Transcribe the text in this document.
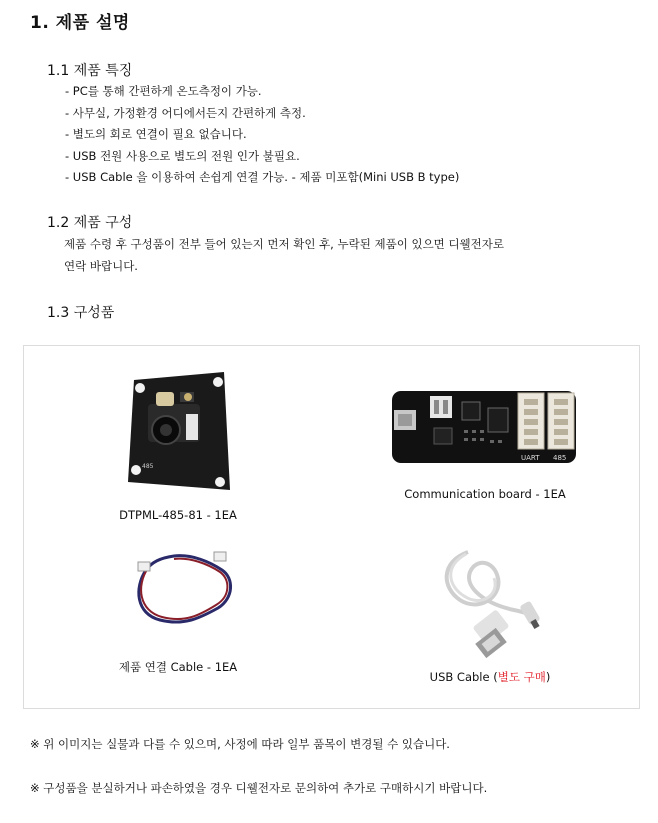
1. 제품 설명
1.1 제품 특징
- PC를 통해 간편하게 온도측정이 가능.
- 사무실, 가정환경 어디에서든지 간편하게 측정.
- 별도의 회로 연결이 필요 없습니다.
- USB 전원 사용으로 별도의 전원 인가 불필요.
- USB Cable 을 이용하여 손쉽게 연결 가능. - 제품 미포함(Mini USB B type)
1.2 제품 구성
제품 수령 후 구성품이 전부 들어 있는지 먼저 확인 후, 누락된 제품이 있으면 디웰전자로
연락 바랍니다.
1.3 구성품
485
DTPML-485-81 - 1EA
UART 485
Communication board - 1EA
제품 연결 Cable - 1EA
USB Cable (별도 구매)
※ 위 이미지는 실물과 다를 수 있으며, 사정에 따라 일부 품목이 변경될 수 있습니다.
※ 구성품을 분실하거나 파손하였을 경우 디웰전자로 문의하여 추가로 구매하시기 바랍니다.
